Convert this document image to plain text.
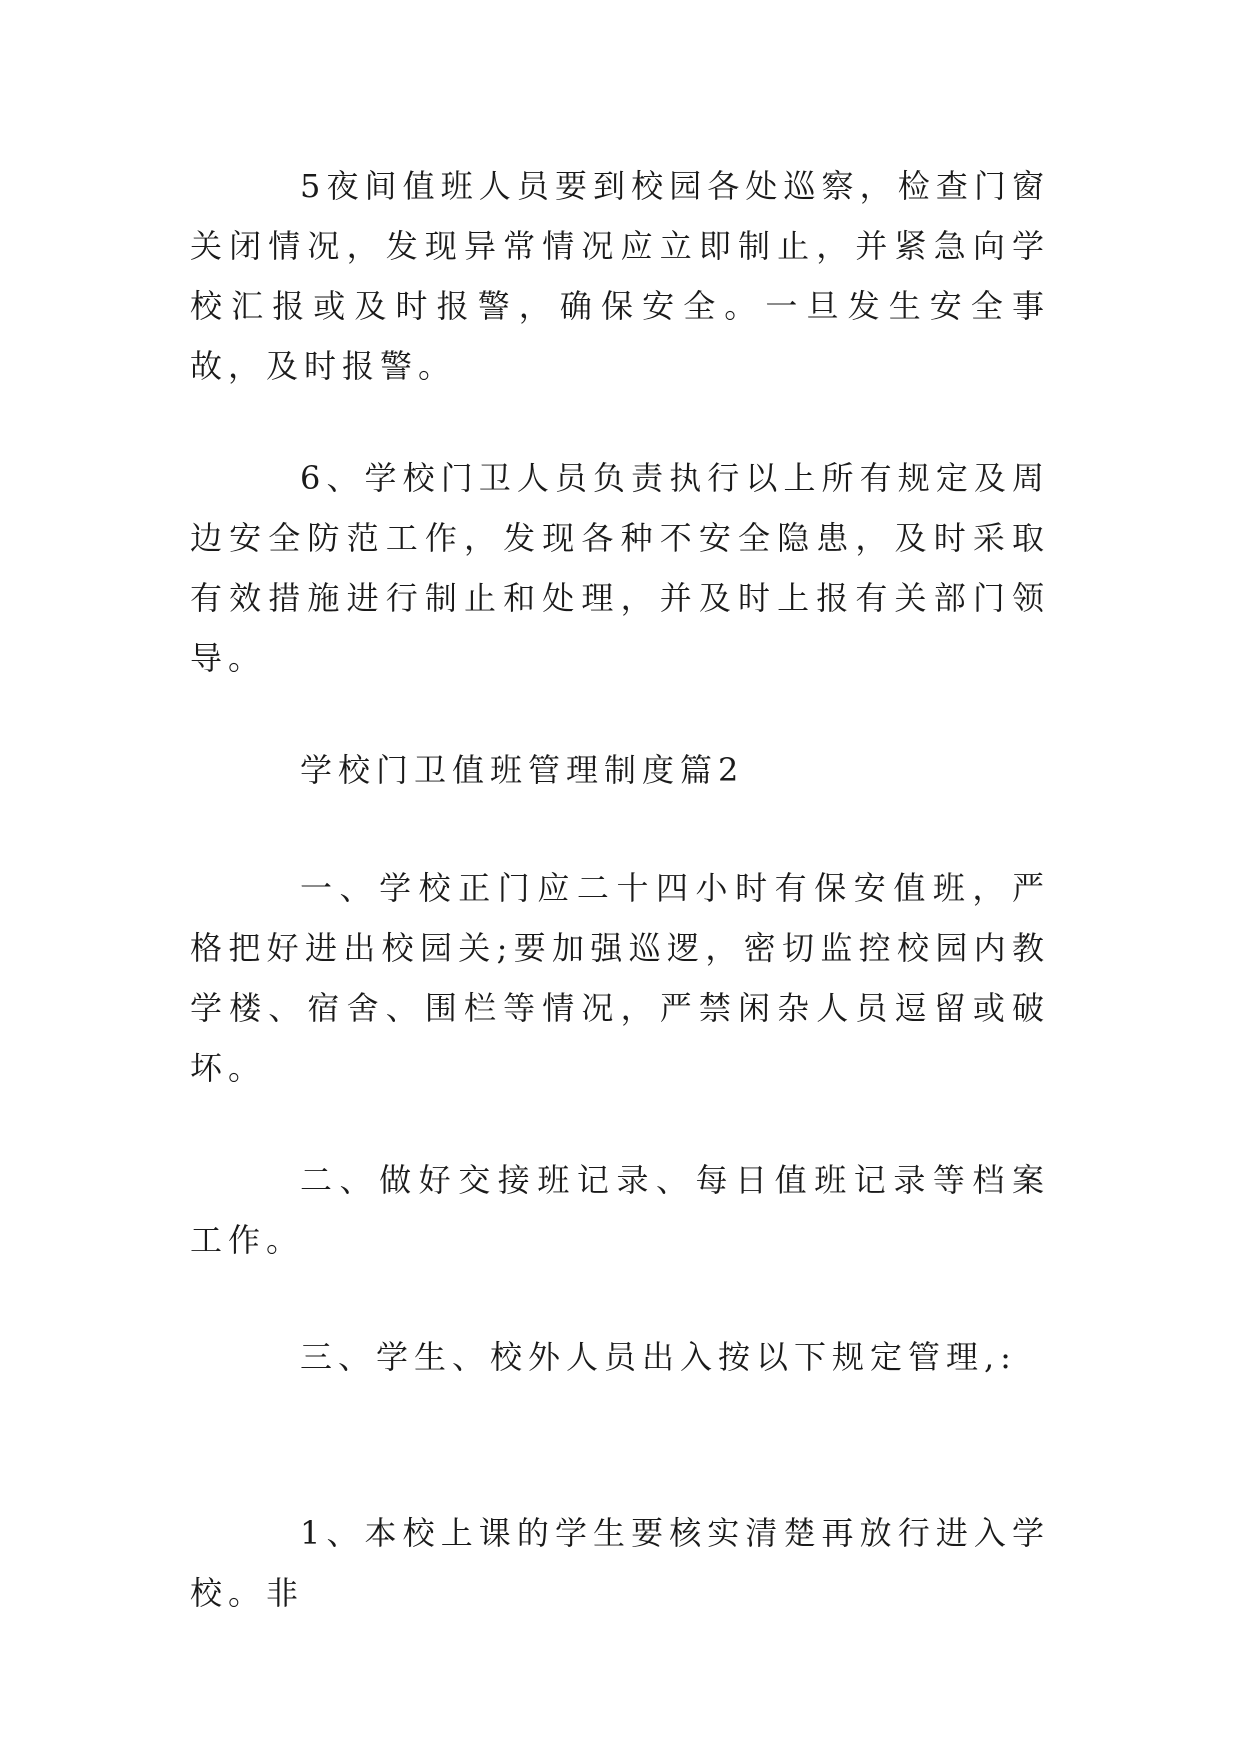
5夜间值班人员要到校园各处巡察，检查门窗关闭情况，发现异常情况应立即制止，并紧急向学校汇报或及时报警，确保安全。一旦发生安全事故，及时报警。

6、学校门卫人员负责执行以上所有规定及周边安全防范工作，发现各种不安全隐患，及时采取有效措施进行制止和处理，并及时上报有关部门领导。

学校门卫值班管理制度篇2

一、学校正门应二十四小时有保安值班，严格把好进出校园关;要加强巡逻，密切监控校园内教学楼、宿舍、围栏等情况，严禁闲杂人员逗留或破坏。

二、做好交接班记录、每日值班记录等档案工作。

三、学生、校外人员出入按以下规定管理,:

1、本校上课的学生要核实清楚再放行进入学校。非
